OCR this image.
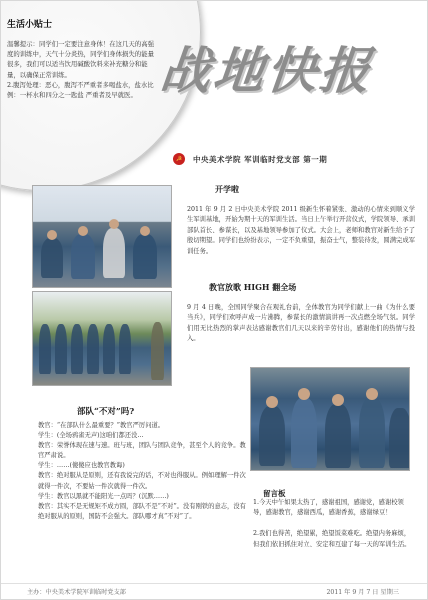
生活小贴士

温馨提示：同学们一定要注意身体！在这几天的高强度的训练中，天气十分炎热，同学们身体损失的能量很多，我们可以适当饮用碱酸饮料来补充糖分和能量，以确保正常训练。

2.腹泻处理：恶心，腹泻不严重者多喝盐水，盐水比例：一杯水和四分之一匙盐 严重者及早就医。 战地快报
☭	中央美术学院 军训临时党支部 第一期
开学啦
2011 年 9 月 2 日中央美术学院 2011 级新生怀着紧张、激动的心情来到顺义学生军训基地，开始为期十天的军训生活。当日上午举行开营仪式，学院领导、承训部队首长、参谋长，以及基地领导参加了仪式。大会上，老师和教官对新生给予了殷切期望。同学们也纷纷表示，一定不负重望，振奋士气，整装待发，圆满完成军训任务。
教官放歌 HIGH 翻全场
9 月 4 日晚，全国同学聚合在观礼台前，全体教官为同学们献上一曲《为什么要当兵》，同学们欢呼声成一片沸腾，参谋长的激情演讲再一次点燃全场气氛。同学们用无比热烈的掌声表达感谢教官们几天以来的辛劳付出，感谢他们的热情与投入。
部队“不对”吗?

教官：“在部队什么最重要？”教官严厉问道。

学生：(全场鸦雀无声)这咱们都还没…

教官：荣誉体现在速与速。班与班，团队与团队竞争，甚至个人的竞争。教官严肃说。

学生：……(傻傻应也教官教诲)

教官：绝对服从是原则，还有我说完的话，不对也得服从。例如理解一件次就得一件次，不要姑一件次就得一件次。

学生：教官以黑就不能阳光一点吗？(沉默……)

教官：其实不是无规矩不成方圆，部队不是“不对”。没有刚铁的意志，没有绝对服从的原则，国防不会强大。部队哪才真“不对”了。

留言板

1.今天中午如果太热了，感谢祖国，感谢党，感谢校领导，感谢教官，感谢西瓜，感谢香蕉，感谢绿豆！

2.我们也得苦，绝望累，绝望饭菜难吃。绝望内务麻烦，但我们依旧抓住对立、安定和互建了每一天的军训生活。

主办：中央美术学院军训临时党支部	2011 年 9 月 7 日 星期三
